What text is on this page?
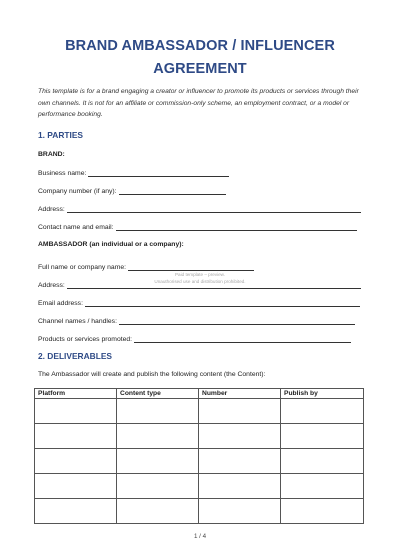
BRAND AMBASSADOR / INFLUENCER
AGREEMENT
This template is for a brand engaging a creator or influencer to promote its products or services through their own channels. It is not for an affiliate or commission-only scheme, an employment contract, or a model or performance booking.
1. PARTIES
BRAND:
Business name:
Company number (if any):
Address:
Contact name and email:
AMBASSADOR (an individual or a company):
Full name or company name:
Paid template – preview.
Unauthorised use and distribution prohibited.
Address:
Email address:
Channel names / handles:
Products or services promoted:
2. DELIVERABLES
The Ambassador will create and publish the following content (the Content):
Platform	Content type	Number	Publish by

1 / 4
